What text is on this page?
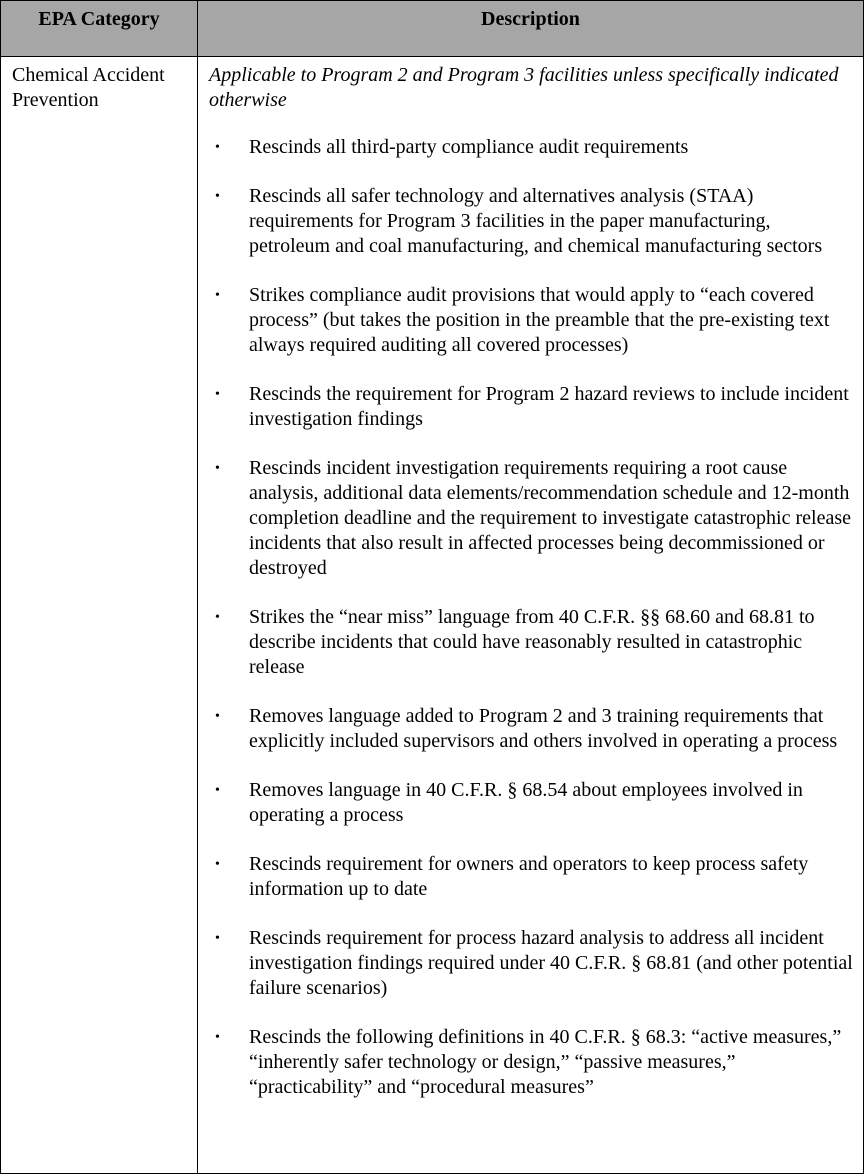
EPA Category	Description
Chemical Accident Prevention
Applicable to Program 2 and Program 3 facilities unless specifically indicated otherwise
• Rescinds all third-party compliance audit requirements
• Rescinds all safer technology and alternatives analysis (STAA) requirements for Program 3 facilities in the paper manufacturing, petroleum and coal manufacturing, and chemical manufacturing sectors
• Strikes compliance audit provisions that would apply to “each covered process” (but takes the position in the preamble that the pre-existing text always required auditing all covered processes)
• Rescinds the requirement for Program 2 hazard reviews to include incident investigation findings
• Rescinds incident investigation requirements requiring a root cause analysis, additional data elements/recommendation schedule and 12-month completion deadline and the requirement to investigate catastrophic release incidents that also result in affected processes being decommissioned or destroyed
• Strikes the “near miss” language from 40 C.F.R. §§ 68.60 and 68.81 to describe incidents that could have reasonably resulted in catastrophic release
• Removes language added to Program 2 and 3 training requirements that explicitly included supervisors and others involved in operating a process
• Removes language in 40 C.F.R. § 68.54 about employees involved in operating a process
• Rescinds requirement for owners and operators to keep process safety information up to date
• Rescinds requirement for process hazard analysis to address all incident investigation findings required under 40 C.F.R. § 68.81 (and other potential failure scenarios)
• Rescinds the following definitions in 40 C.F.R. § 68.3: “active measures,” “inherently safer technology or design,” “passive measures,” “practicability” and “procedural measures”
